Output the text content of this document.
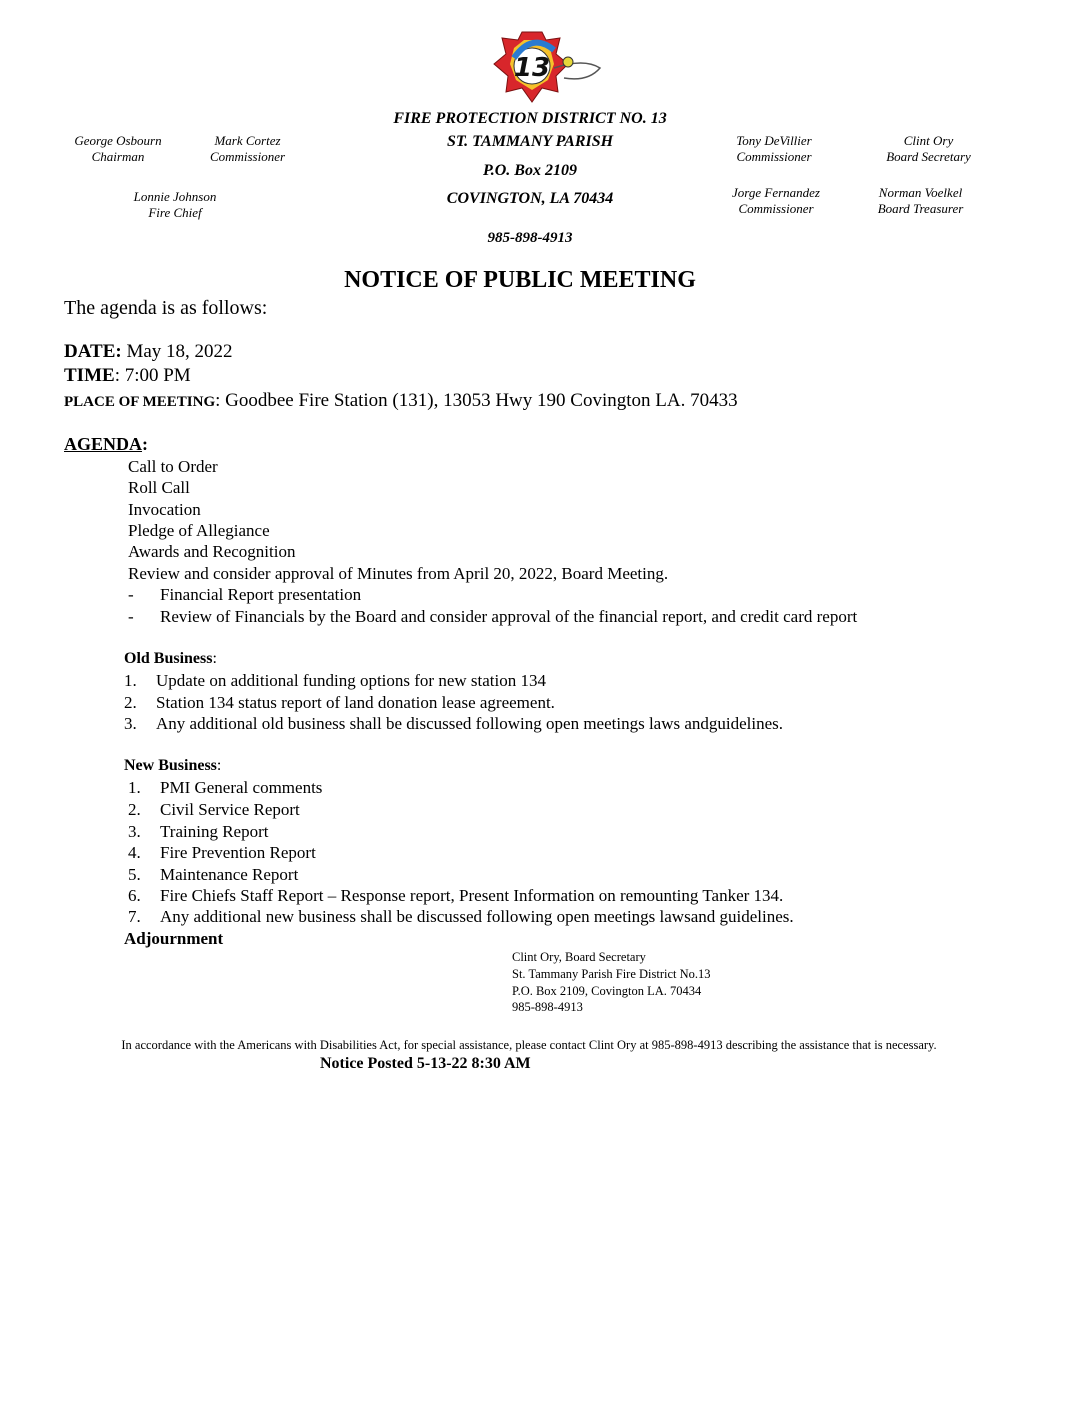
13
FIRE PROTECTION DISTRICT NO. 13
ST. TAMMANY PARISH
P.O. Box 2109
COVINGTON, LA 70434
985-898-4913
George Osbourn
Chairman
Mark Cortez
Commissioner
Lonnie Johnson
Fire Chief
Tony DeVillier
Commissioner
Clint Ory
Board Secretary
Jorge Fernandez
Commissioner
Norman Voelkel
Board Treasurer
NOTICE OF PUBLIC MEETING
The agenda is as follows:
DATE: May 18, 2022
TIME: 7:00 PM
PLACE OF MEETING: Goodbee Fire Station (131), 13053 Hwy 190 Covington LA. 70433
AGENDA:
Call to Order
Roll Call
Invocation
Pledge of Allegiance
Awards and Recognition
Review and consider approval of Minutes from April 20, 2022, Board Meeting.
- Financial Report presentation
- Review of Financials by the Board and consider approval of the financial report, and credit card report
Old Business:
1. Update on additional funding options for new station 134
2. Station 134 status report of land donation lease agreement.
3. Any additional old business shall be discussed following open meetings laws andguidelines.
New Business:
1. PMI General comments
2. Civil Service Report
3. Training Report
4. Fire Prevention Report
5. Maintenance Report
6. Fire Chiefs Staff Report – Response report, Present Information on remounting Tanker 134.
7. Any additional new business shall be discussed following open meetings lawsand guidelines.
Adjournment
Clint Ory, Board Secretary
St. Tammany Parish Fire District No.13
P.O. Box 2109, Covington LA. 70434
985-898-4913
In accordance with the Americans with Disabilities Act, for special assistance, please contact Clint Ory at 985-898-4913 describing the assistance that is necessary.
Notice Posted 5-13-22 8:30 AM
